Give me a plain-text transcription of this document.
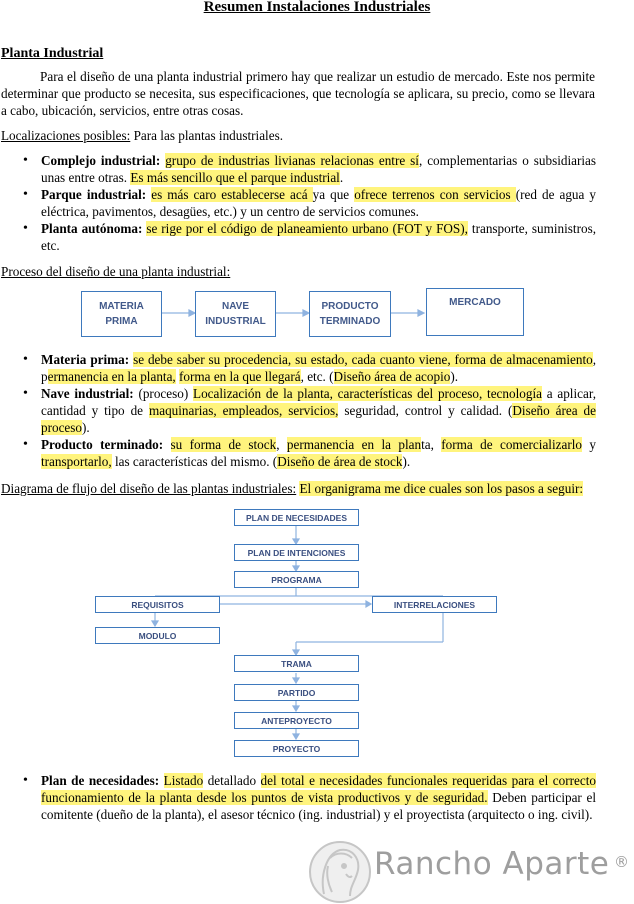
Resumen Instalaciones Industriales
Planta Industrial
Para el diseño de una planta industrial primero hay que realizar un estudio de mercado. Este nos permite determinar que producto se necesita, sus especificaciones, que tecnología se aplicara, su precio, como se llevara a cabo, ubicación, servicios, entre otras cosas.
Localizaciones posibles: Para las plantas industriales.
• Complejo industrial: grupo de industrias livianas relacionas entre sí, complementarias o subsidiarias unas entre otras. Es más sencillo que el parque industrial.
• Parque industrial: es más caro establecerse acá ya que ofrece terrenos con servicios (red de agua y eléctrica, pavimentos, desagües, etc.) y un centro de servicios comunes.
• Planta autónoma: se rige por el código de planeamiento urbano (FOT y FOS), transporte, suministros, etc.
Proceso del diseño de una planta industrial:
MATERIA
PRIMA
NAVE
INDUSTRIAL
PRODUCTO
TERMINADO
MERCADO
• Materia prima: se debe saber su procedencia, su estado, cada cuanto viene, forma de almacenamiento, permanencia en la planta, forma en la que llegará, etc. (Diseño área de acopio).
• Nave industrial: (proceso) Localización de la planta, características del proceso, tecnología a aplicar, cantidad y tipo de maquinarias, empleados, servicios, seguridad, control y calidad. (Diseño área de proceso).
• Producto terminado: su forma de stock, permanencia en la planta, forma de comercializarlo y transportarlo, las características del mismo. (Diseño de área de stock).
Diagrama de flujo del diseño de las plantas industriales: El organigrama me dice cuales son los pasos a seguir:
PLAN DE NECESIDADES
PLAN DE INTENCIONES
PROGRAMA
REQUISITOS	INTERRELACIONES
MODULO
TRAMA
PARTIDO
ANTEPROYECTO
PROYECTO
• Plan de necesidades: Listado detallado del total e necesidades funcionales requeridas para el correcto funcionamiento de la planta desde los puntos de vista productivos y de seguridad. Deben participar el comitente (dueño de la planta), el asesor técnico (ing. industrial) y el proyectista (arquitecto o ing. civil).
Rancho Aparte ®
